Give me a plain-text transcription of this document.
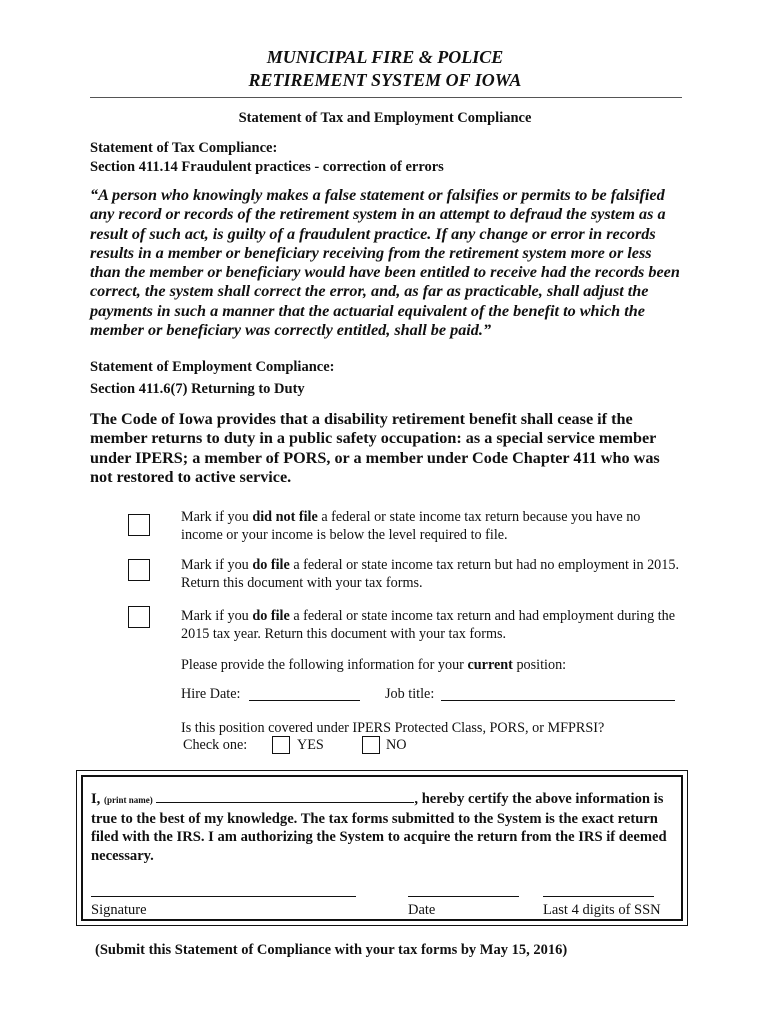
MUNICIPAL FIRE & POLICE
RETIREMENT SYSTEM OF IOWA
Statement of Tax and Employment Compliance
Statement of Tax Compliance:
Section 411.14 Fraudulent practices - correction of errors
“A person who knowingly makes a false statement or falsifies or permits to be falsified any record or records of the retirement system in an attempt to defraud the system as a result of such act, is guilty of a fraudulent practice. If any change or error in records results in a member or beneficiary receiving from the retirement system more or less than the member or beneficiary would have been entitled to receive had the records been correct, the system shall correct the error, and, as far as practicable, shall adjust the payments in such a manner that the actuarial equivalent of the benefit to which the member or beneficiary was correctly entitled, shall be paid.”
Statement of Employment Compliance:
Section 411.6(7) Returning to Duty
The Code of Iowa provides that a disability retirement benefit shall cease if the member returns to duty in a public safety occupation: as a special service member under IPERS; a member of PORS, or a member under Code Chapter 411 who was not restored to active service.
Mark if you did not file a federal or state income tax return because you have no income or your income is below the level required to file.
Mark if you do file a federal or state income tax return but had no employment in 2015. Return this document with your tax forms.
Mark if you do file a federal or state income tax return and had employment during the 2015 tax year. Return this document with your tax forms.
Please provide the following information for your current position:
Hire Date:	Job title:
Is this position covered under IPERS Protected Class, PORS, or MFPRSI?
Check one:	YES	NO
I, (print name)	, hereby certify the above information is true to the best of my knowledge. The tax forms submitted to the System is the exact return filed with the IRS. I am authorizing the System to acquire the return from the IRS if deemed necessary.
Signature	Date	Last 4 digits of SSN
(Submit this Statement of Compliance with your tax forms by May 15, 2016)
